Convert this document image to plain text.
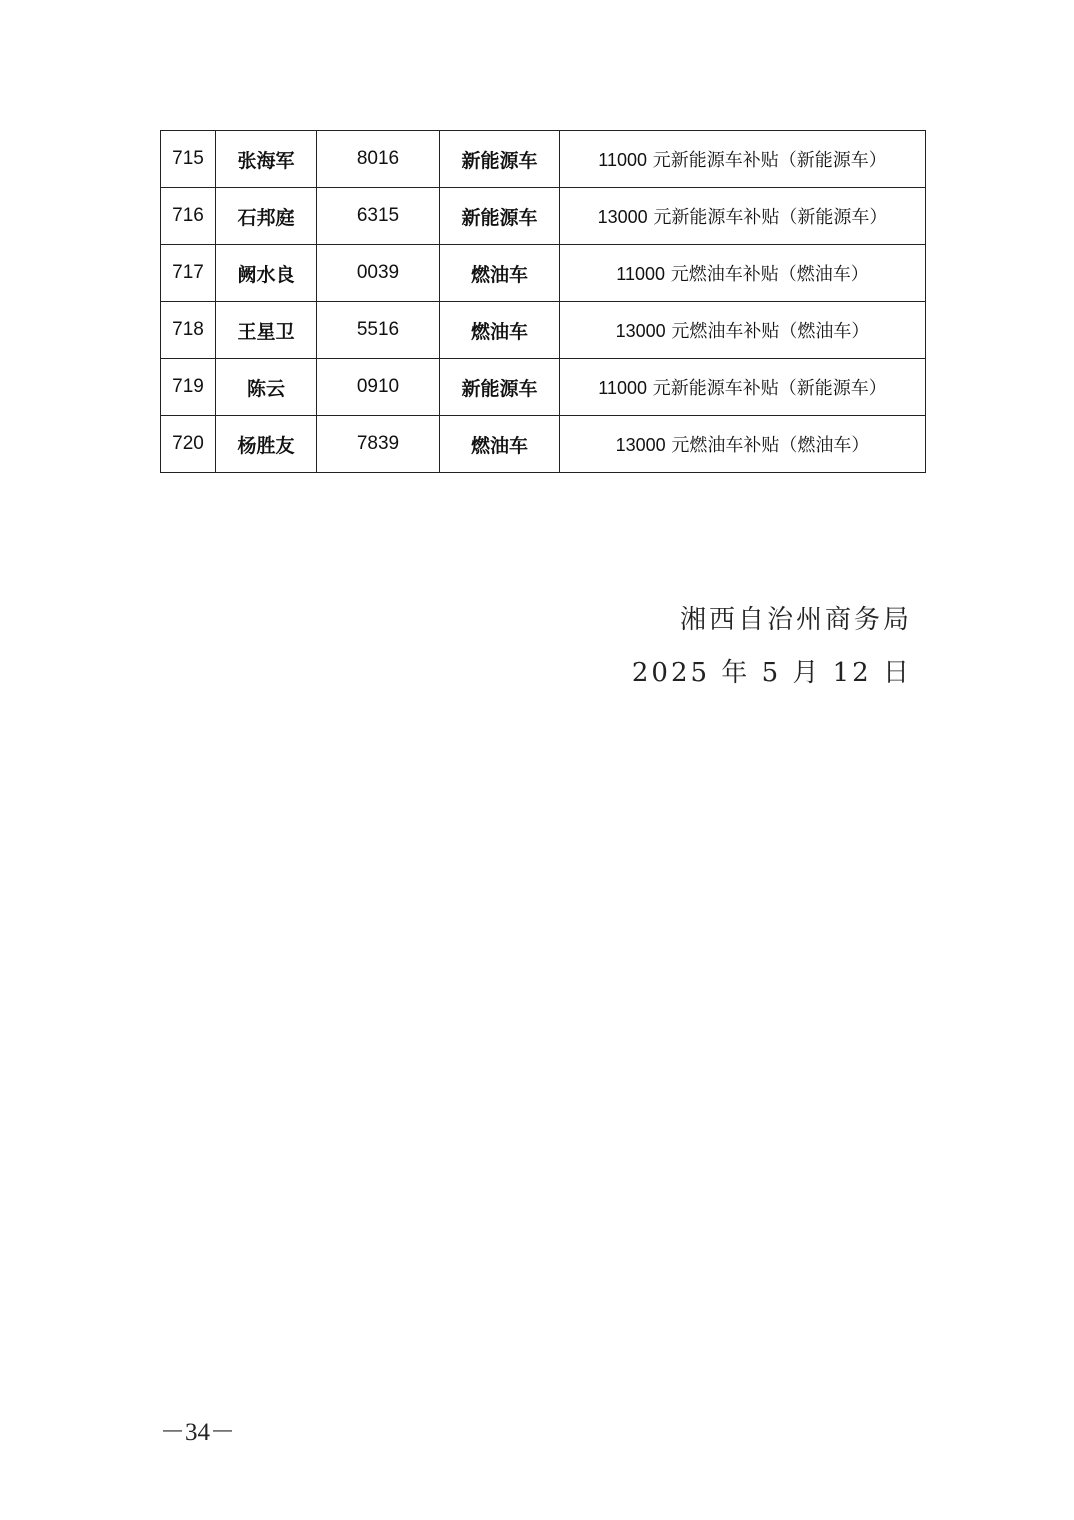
715	张海军	8016	新能源车	11000 元新能源车补贴（新能源车）
716	石邦庭	6315	新能源车	13000 元新能源车补贴（新能源车）
717	阙水良	0039	燃油车	11000 元燃油车补贴（燃油车）
718	王星卫	5516	燃油车	13000 元燃油车补贴（燃油车）
719	陈云	0910	新能源车	11000 元新能源车补贴（新能源车）
720	杨胜友	7839	燃油车	13000 元燃油车补贴（燃油车）
湘西自治州商务局
2025 年 5 月 12 日
－34－
